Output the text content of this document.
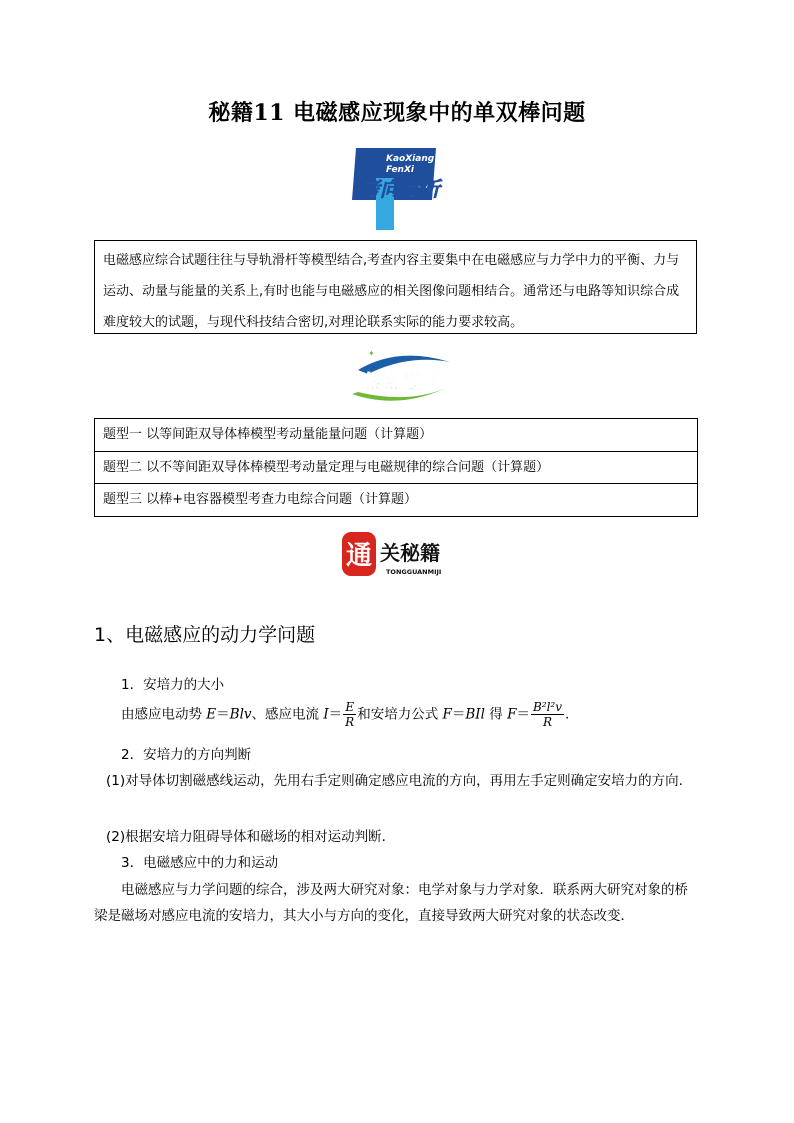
秘籍11 电磁感应现象中的单双棒问题
KaoXiang
FenXi
考向分析
电磁感应综合试题往往与导轨滑杆等模型结合,考查内容主要集中在电磁感应与力学中力的平衡、力与运动、动量与能量的关系上,有时也能与电磁感应的相关图像问题相结合。通常还与电路等知识综合成难度较大的试题，与现代科技结合密切,对理论联系实际的能力要求较高。
✦
热点题型
题型一 以等间距双导体棒模型考动量能量问题（计算题）
题型二 以不等间距双导体棒模型考动量定理与电磁规律的综合问题（计算题）
题型三 以棒+电容器模型考查力电综合问题（计算题）
通 关秘籍
TONGGUANMIJI
1、电磁感应的动力学问题
1．安培力的大小
由感应电动势 E＝Blv、感应电流 $I= \frac{E}{R}$ 和安培力公式 F＝BIl 得 $F= \frac{\text{B²l²v}}{R}$ .
2．安培力的方向判断
(1)对导体切割磁感线运动，先用右手定则确定感应电流的方向，再用左手定则确定安培力的方向.
(2)根据安培力阻碍导体和磁场的相对运动判断．
3．电磁感应中的力和运动
电磁感应与力学问题的综合，涉及两大研究对象：电学对象与力学对象．联系两大研究对象的桥梁是磁场对感应电流的安培力，其大小与方向的变化，直接导致两大研究对象的状态改变．
